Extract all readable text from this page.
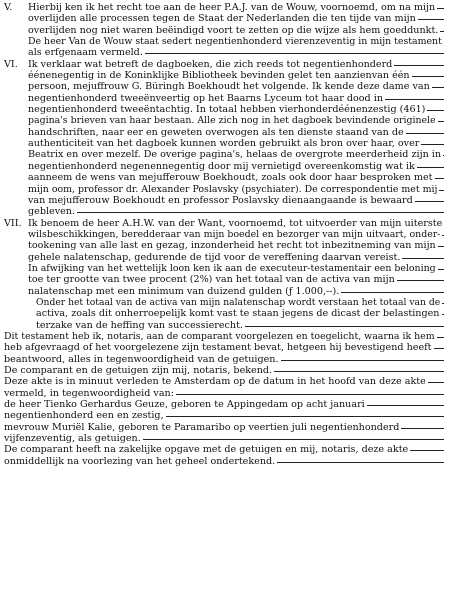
V.	Hierbij ken ik het recht toe aan de heer P.A.J. van de Wouw, voornoemd, om na mijn
overlijden alle processen tegen de Staat der Nederlanden die ten tijde van mijn
overlijden nog niet waren beëindigd voort te zetten op die wijze als hem goeddunkt.
De heer Van de Wouw staat sedert negentienhonderd vierenzeventig in mijn testament
als erfgenaam vermeld.
VI.	Ik verklaar wat betreft de dagboeken, die zich reeds tot negentienhonderd
éénenegentig in de Koninklijke Bibliotheek bevinden gelet ten aanzienvan één
persoon, mejuffrouw G. Büringh Boekhoudt het volgende. Ik kende deze dame van
negentienhonderd tweeënveertig op het Baarns Lyceum tot haar dood in
negentienhonderd tweeëntachtig. In totaal hebben vierhonderdéénenzestig (461)
pagina's brieven van haar bestaan. Alle zich nog in het dagboek bevindende originele
handschriften, naar eer en geweten overwogen als ten dienste staand van de
authenticiteit van het dagboek kunnen worden gebruikt als bron over haar, over
Beatrix en over mezelf. De overige pagina's, helaas de overgrote meerderheid zijn in
negentienhonderd negenennegentig door mij vernietigd overeenkomstig wat ik
aanneem de wens van mejufferouw Boekhoudt, zoals ook door haar besproken met
mijn oom, professor dr. Alexander Poslavsky (psychiater). De correspondentie met mij
van mejufferouw Boekhoudt en professor Poslavsky dienaangaande is bewaard
gebleven.
VII. Ik benoem de heer A.H.W. van der Want, voornoemd, tot uitvoerder van mijn uiterste
wilsbeschikkingen, beredderaar van mijn boedel en bezorger van mijn uitvaart, onder-
tookening van alle last en gezag, inzonderheid het recht tot inbezitneming van mijn
gehele nalatenschap, gedurende de tijd voor de vereffening daarvan vereist.
In afwijking van het wettelijk loon ken ik aan de executeur-testamentair een beloning
toe ter grootte van twee procent (2%) van het totaal van de activa van mijn
nalatenschap met een minimum van duizend gulden (ƒ 1.000,--).
Onder het totaal van de activa van mijn nalatenschap wordt verstaan het totaal van de
activa, zoals dit onherroepelijk komt vast te staan jegens de dicast der belastingen
terzake van de heffing van successierecht.
Dit testament heb ik, notaris, aan de comparant voorgelezen en toegelicht, waarna ik hem
heb afgevraagd of het voorgelezene zijn testament bevat, hetgeen hij bevestigend heeft
beantwoord, alles in tegenwoordigheid van de getuigen.
De comparant en de getuigen zijn mij, notaris, bekend.
Deze akte is in minuut verleden te Amsterdam op de datum in het hoofd van deze akte
vermeld, in tegenwoordigheid van:
de heer Tienko Gerhardus Geuze, geboren te Appingedam op acht januari
negentienhonderd een en zestig,
mevrouw Muriël Kalie, geboren te Paramaribo op veertien juli negentienhonderd
vijfenzeventig, als getuigen.
De comparant heeft na zakelijke opgave met de getuigen en mij, notaris, deze akte
onmiddellijk na voorlezing van het geheel ondertekend.
